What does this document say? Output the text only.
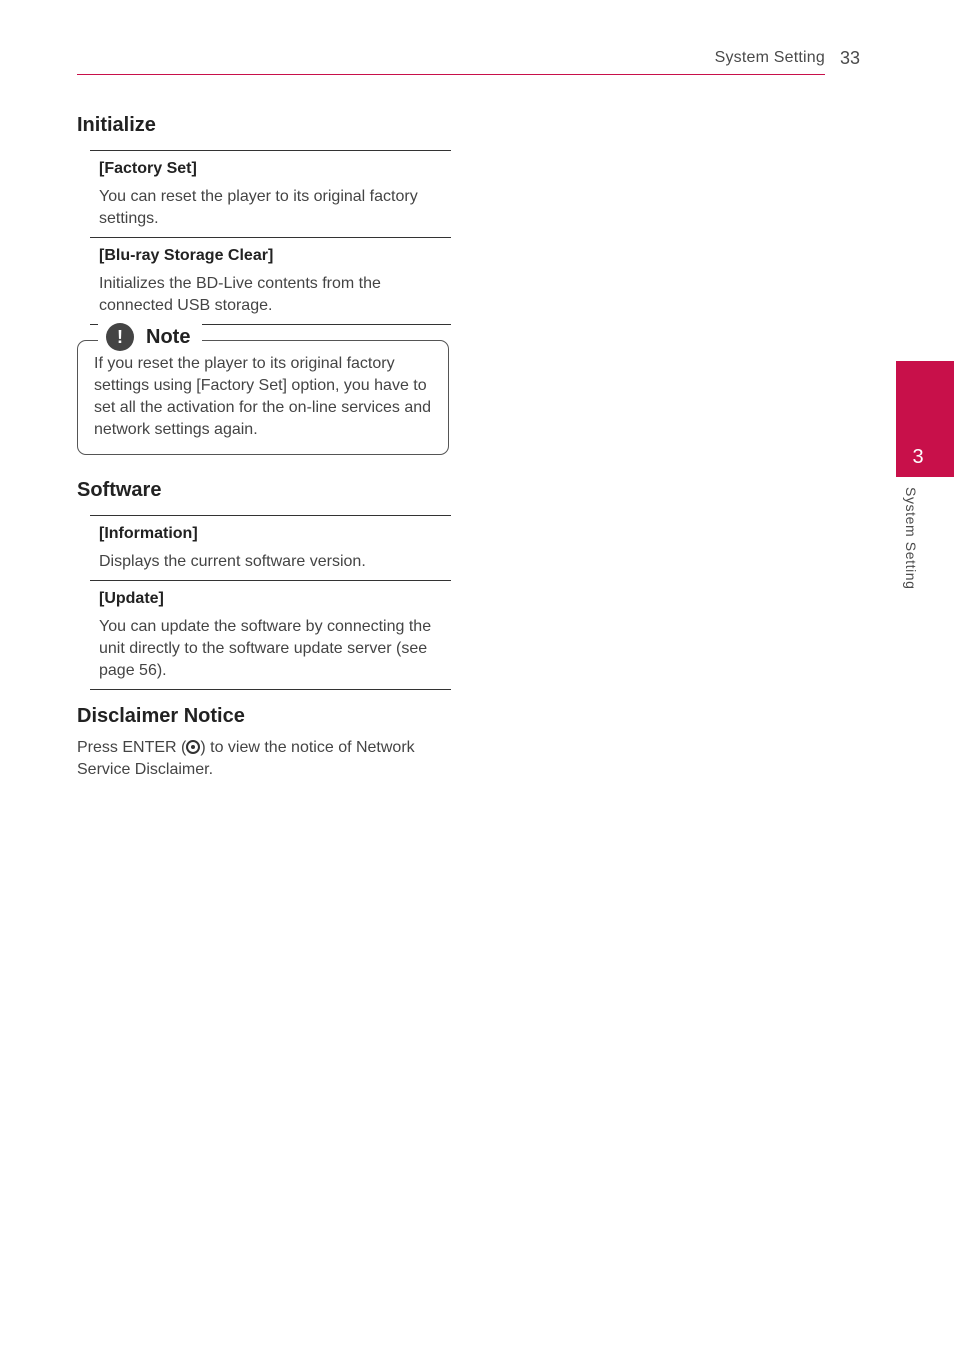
System Setting 33
3
System Setting
Initialize
[Factory Set]
You can reset the player to its original factory settings.
[Blu-ray Storage Clear]
Initializes the BD-Live contents from the connected USB storage.
!	Note
If you reset the player to its original factory settings using [Factory Set] option, you have to set all the activation for the on-line services and network settings again.
Software
[Information]
Displays the current software version.
[Update]
You can update the software by connecting the unit directly to the software update server (see page 56).
Disclaimer Notice
Press ENTER ( ) to view the notice of Network Service Disclaimer.
